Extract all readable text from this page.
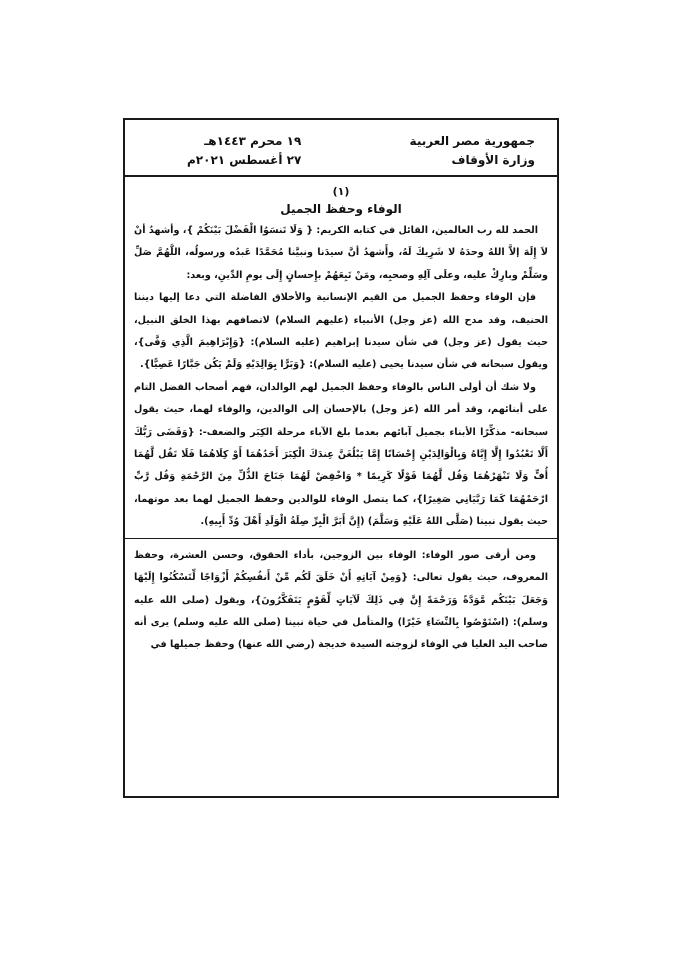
جمهورية مصر العربية
وزارة الأوقاف
١٩ محرم ١٤٤٣هـ
٢٧ أغسطس ٢٠٢١م
(١)
الوفاء وحفظ الجميل

الحمد لله رب العالمين، القائل في كتابه الكريم: { وَلَا تَنسَوُا الْفَضْلَ بَيْنَكُمْ }، وأشهدُ أنْ لاَ إِلَهَ إلاَّ اللهُ وحدَهُ لا شَرِيكَ لَهُ، وأَشهدُ أنَّ سيدَنا ونبيَّنا مُحَمَّدًا عَبدُه ورسولُه، اللَّهُمَّ صَلِّ وسَلِّمْ وبارِكْ عليه، وعلَى آلِهِ وصحبِه، ومَنْ تَبِعَهُمْ بإِحسانٍ إِلَى يومِ الدِّينِ، وبعد:

فإن الوفاء وحفظ الجميل من القيم الإنسانية والأخلاق الفاضلة التي دعا إليها ديننا الحنيف، وقد مدح الله (عز وجل) الأنبياء (عليهم السلام) لاتصافهم بهذا الخلق النبيل، حيث يقول (عز وجل) في شأن سيدنا إبراهيم (عليه السلام): {وَإِبْرَاهِيمَ الَّذِي وَفَّى}، ويقول سبحانه في شأن سيدنا يحيى (عليه السلام): {وَبَرًّا بِوَالِدَيْهِ وَلَمْ يَكُن جَبَّارًا عَصِيًّا}.

ولا شك أن أولى الناس بالوفاء وحفظ الجميل لهم الوالدان، فهم أصحاب الفضل التام على أبنائهم، وقد أمر الله (عز وجل) بالإحسان إلى الوالدين، والوفاء لهما، حيث يقول سبحانه- مذكِّرًا الأبناء بجميل آبائهم بعدما بلغ الآباء مرحلة الكِبَر والضعف-: {وَقَضَى رَبُّكَ أَلَّا تَعْبُدُوا إِلَّا إِيَّاهُ وَبِالْوَالِدَيْنِ إِحْسَانًا إِمَّا يَبْلُغَنَّ عِندَكَ الْكِبَرَ أَحَدُهُمَا أَوْ كِلَاهُمَا فَلَا تَقُل لَّهُمَا أُفٍّ وَلَا تَنْهَرْهُمَا وَقُل لَّهُمَا قَوْلًا كَرِيمًا * وَاخْفِضْ لَهُمَا جَنَاحَ الذُّلِّ مِنَ الرَّحْمَةِ وَقُل رَّبِّ ارْحَمْهُمَا كَمَا رَبَّيَانِي صَغِيرًا}، كما يتصل الوفاء للوالدين وحفظ الجميل لهما بعد موتهما، حيث يقول نبينا (صَلَّى اللهُ عَلَيْهِ وَسَلَّمَ) (إِنَّ أَبَرَّ الْبِرِّ صِلَةُ الْوَلَدِ أَهْلَ وُدِّ أَبِيهِ).

ومن أرقى صور الوفاء: الوفاء بين الزوجين، بأداء الحقوق، وحسن العشرة، وحفظ المعروف، حيث يقول تعالى: {وَمِنْ آيَاتِهِ أَنْ خَلَقَ لَكُم مِّنْ أَنفُسِكُمْ أَزْوَاجًا لِّتَسْكُنُوا إِلَيْهَا وَجَعَلَ بَيْنَكُم مَّوَدَّةً وَرَحْمَةً إِنَّ فِي ذَلِكَ لَآيَاتٍ لِّقَوْمٍ يَتَفَكَّرُونَ}، ويقول (صلى الله عليه وسلم): (اسْتَوْصُوا بِالنِّسَاءِ خَيْرًا) والمتأمل في حياة نبينا (صلى الله عليه وسلم) يرى أنه صاحب اليد العليا في الوفاء لزوجته السيدة خديجة (رضي الله عنها) وحفظ جميلها في
